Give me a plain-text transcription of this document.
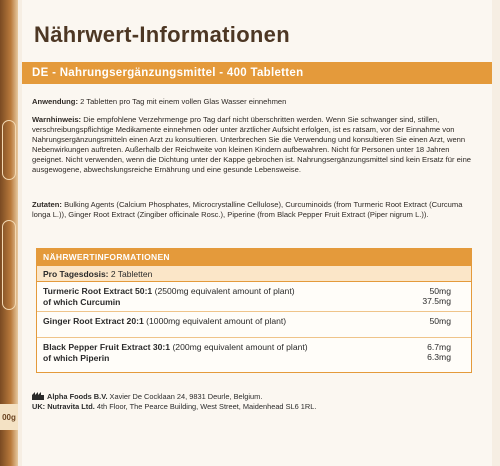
00g
Nährwert-Informationen
DE - Nahrungsergänzungsmittel - 400 Tabletten
Anwendung: 2 Tabletten pro Tag mit einem vollen Glas Wasser einnehmen
Warnhinweis: Die empfohlene Verzehrmenge pro Tag darf nicht überschritten werden. Wenn Sie schwanger sind, stillen, verschreibungspflichtige Medikamente einnehmen oder unter ärztlicher Aufsicht erfolgen, ist es ratsam, vor der Einnahme von Nahrungsergänzungsmitteln einen Arzt zu konsultieren. Unterbrechen Sie die Verwendung und konsultieren Sie einen Arzt, wenn Nebenwirkungen auftreten. Außerhalb der Reichweite von kleinen Kindern aufbewahren. Nicht für Personen unter 18 Jahren geeignet. Nicht verwenden, wenn die Dichtung unter der Kappe gebrochen ist. Nahrungsergänzungsmittel sind kein Ersatz für eine ausgewogene, abwechslungsreiche Ernährung und eine gesunde Lebensweise.
Zutaten: Bulking Agents (Calcium Phosphates, Microcrystalline Cellulose), Curcuminoids (from Turmeric Root Extract (Curcuma longa L.)), Ginger Root Extract (Zingiber officinale Rosc.), Piperine (from Black Pepper Fruit Extract (Piper nigrum L.)).
NÄHRWERTINFORMATIONEN
Pro Tagesdosis: 2 Tabletten
Turmeric Root Extract 50:1 (2500mg equivalent amount of plant)
of which Curcumin
50mg
37.5mg
Ginger Root Extract 20:1 (1000mg equivalent amount of plant)	50mg
Black Pepper Fruit Extract 30:1 (200mg equivalent amount of plant)
of which Piperin
6.7mg
6.3mg
Alpha Foods B.V. Xavier De Cocklaan 24, 9831 Deurle, Belgium.
UK: Nutravita Ltd. 4th Floor, The Pearce Building, West Street, Maidenhead SL6 1RL.
